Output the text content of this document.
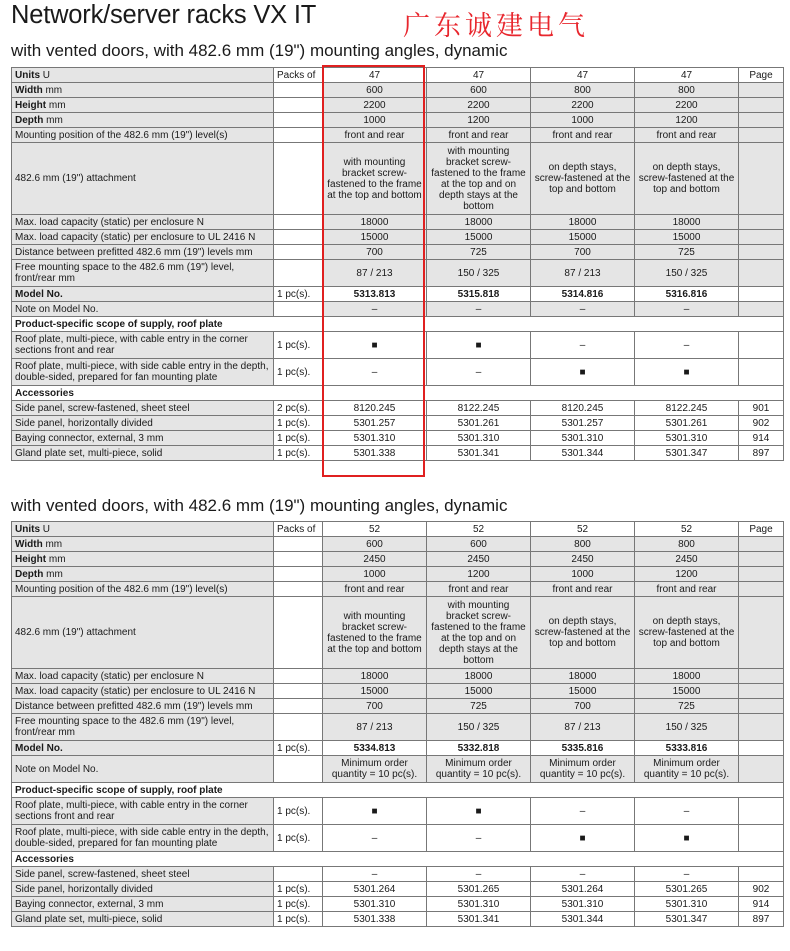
Network/server racks VX IT	广东诚建电气
with vented doors, with 482.6 mm (19") mounting angles, dynamic
Units U	Packs of	47	47	47	47	Page
Width mm		600	600	800	800	
Height mm		2200	2200	2200	2200	
Depth mm		1000	1200	1000	1200	
Mounting position of the 482.6 mm (19") level(s)		front and rear	front and rear	front and rear	front and rear	
482.6 mm (19") attachment		with mounting bracket screw-fastened to the frame at the top and bottom	with mounting bracket screw-fastened to the frame at the top and on depth stays at the bottom	on depth stays, screw-fastened at the top and bottom	on depth stays, screw-fastened at the top and bottom	
Max. load capacity (static) per enclosure N		18000	18000	18000	18000	
Max. load capacity (static) per enclosure to UL 2416 N		15000	15000	15000	15000	
Distance between prefitted 482.6 mm (19") levels mm		700	725	700	725	
Free mounting space to the 482.6 mm (19") level, front/rear mm		87 / 213	150 / 325	87 / 213	150 / 325	
Model No.	1 pc(s).	5313.813	5315.818	5314.816	5316.816	
Note on Model No.		–	–	–	–	
Product-specific scope of supply, roof plate						
Roof plate, multi-piece, with cable entry in the corner sections front and rear	1 pc(s).	■	■	–	–	
Roof plate, multi-piece, with side cable entry in the depth, double-sided, prepared for fan mounting plate	1 pc(s).	–	–	■	■	
Accessories						
Side panel, screw-fastened, sheet steel	2 pc(s).	8120.245	8122.245	8120.245	8122.245	901
Side panel, horizontally divided	1 pc(s).	5301.257	5301.261	5301.257	5301.261	902
Baying connector, external, 3 mm	1 pc(s).	5301.310	5301.310	5301.310	5301.310	914
Gland plate set, multi-piece, solid	1 pc(s).	5301.338	5301.341	5301.344	5301.347	897
with vented doors, with 482.6 mm (19") mounting angles, dynamic
Units U	Packs of	52	52	52	52	Page
Width mm		600	600	800	800	
Height mm		2450	2450	2450	2450	
Depth mm		1000	1200	1000	1200	
Mounting position of the 482.6 mm (19") level(s)		front and rear	front and rear	front and rear	front and rear	
482.6 mm (19") attachment		with mounting bracket screw-fastened to the frame at the top and bottom	with mounting bracket screw-fastened to the frame at the top and on depth stays at the bottom	on depth stays, screw-fastened at the top and bottom	on depth stays, screw-fastened at the top and bottom	
Max. load capacity (static) per enclosure N		18000	18000	18000	18000	
Max. load capacity (static) per enclosure to UL 2416 N		15000	15000	15000	15000	
Distance between prefitted 482.6 mm (19") levels mm		700	725	700	725	
Free mounting space to the 482.6 mm (19") level, front/rear mm		87 / 213	150 / 325	87 / 213	150 / 325	
Model No.	1 pc(s).	5334.813	5332.818	5335.816	5333.816	
Note on Model No.		Minimum order quantity = 10 pc(s).	Minimum order quantity = 10 pc(s).	Minimum order quantity = 10 pc(s).	Minimum order quantity = 10 pc(s).	
Product-specific scope of supply, roof plate						
Roof plate, multi-piece, with cable entry in the corner sections front and rear	1 pc(s).	■	■	–	–	
Roof plate, multi-piece, with side cable entry in the depth, double-sided, prepared for fan mounting plate	1 pc(s).	–	–	■	■	
Accessories						
Side panel, screw-fastened, sheet steel		–	–	–	–	
Side panel, horizontally divided	1 pc(s).	5301.264	5301.265	5301.264	5301.265	902
Baying connector, external, 3 mm	1 pc(s).	5301.310	5301.310	5301.310	5301.310	914
Gland plate set, multi-piece, solid	1 pc(s).	5301.338	5301.341	5301.344	5301.347	897
